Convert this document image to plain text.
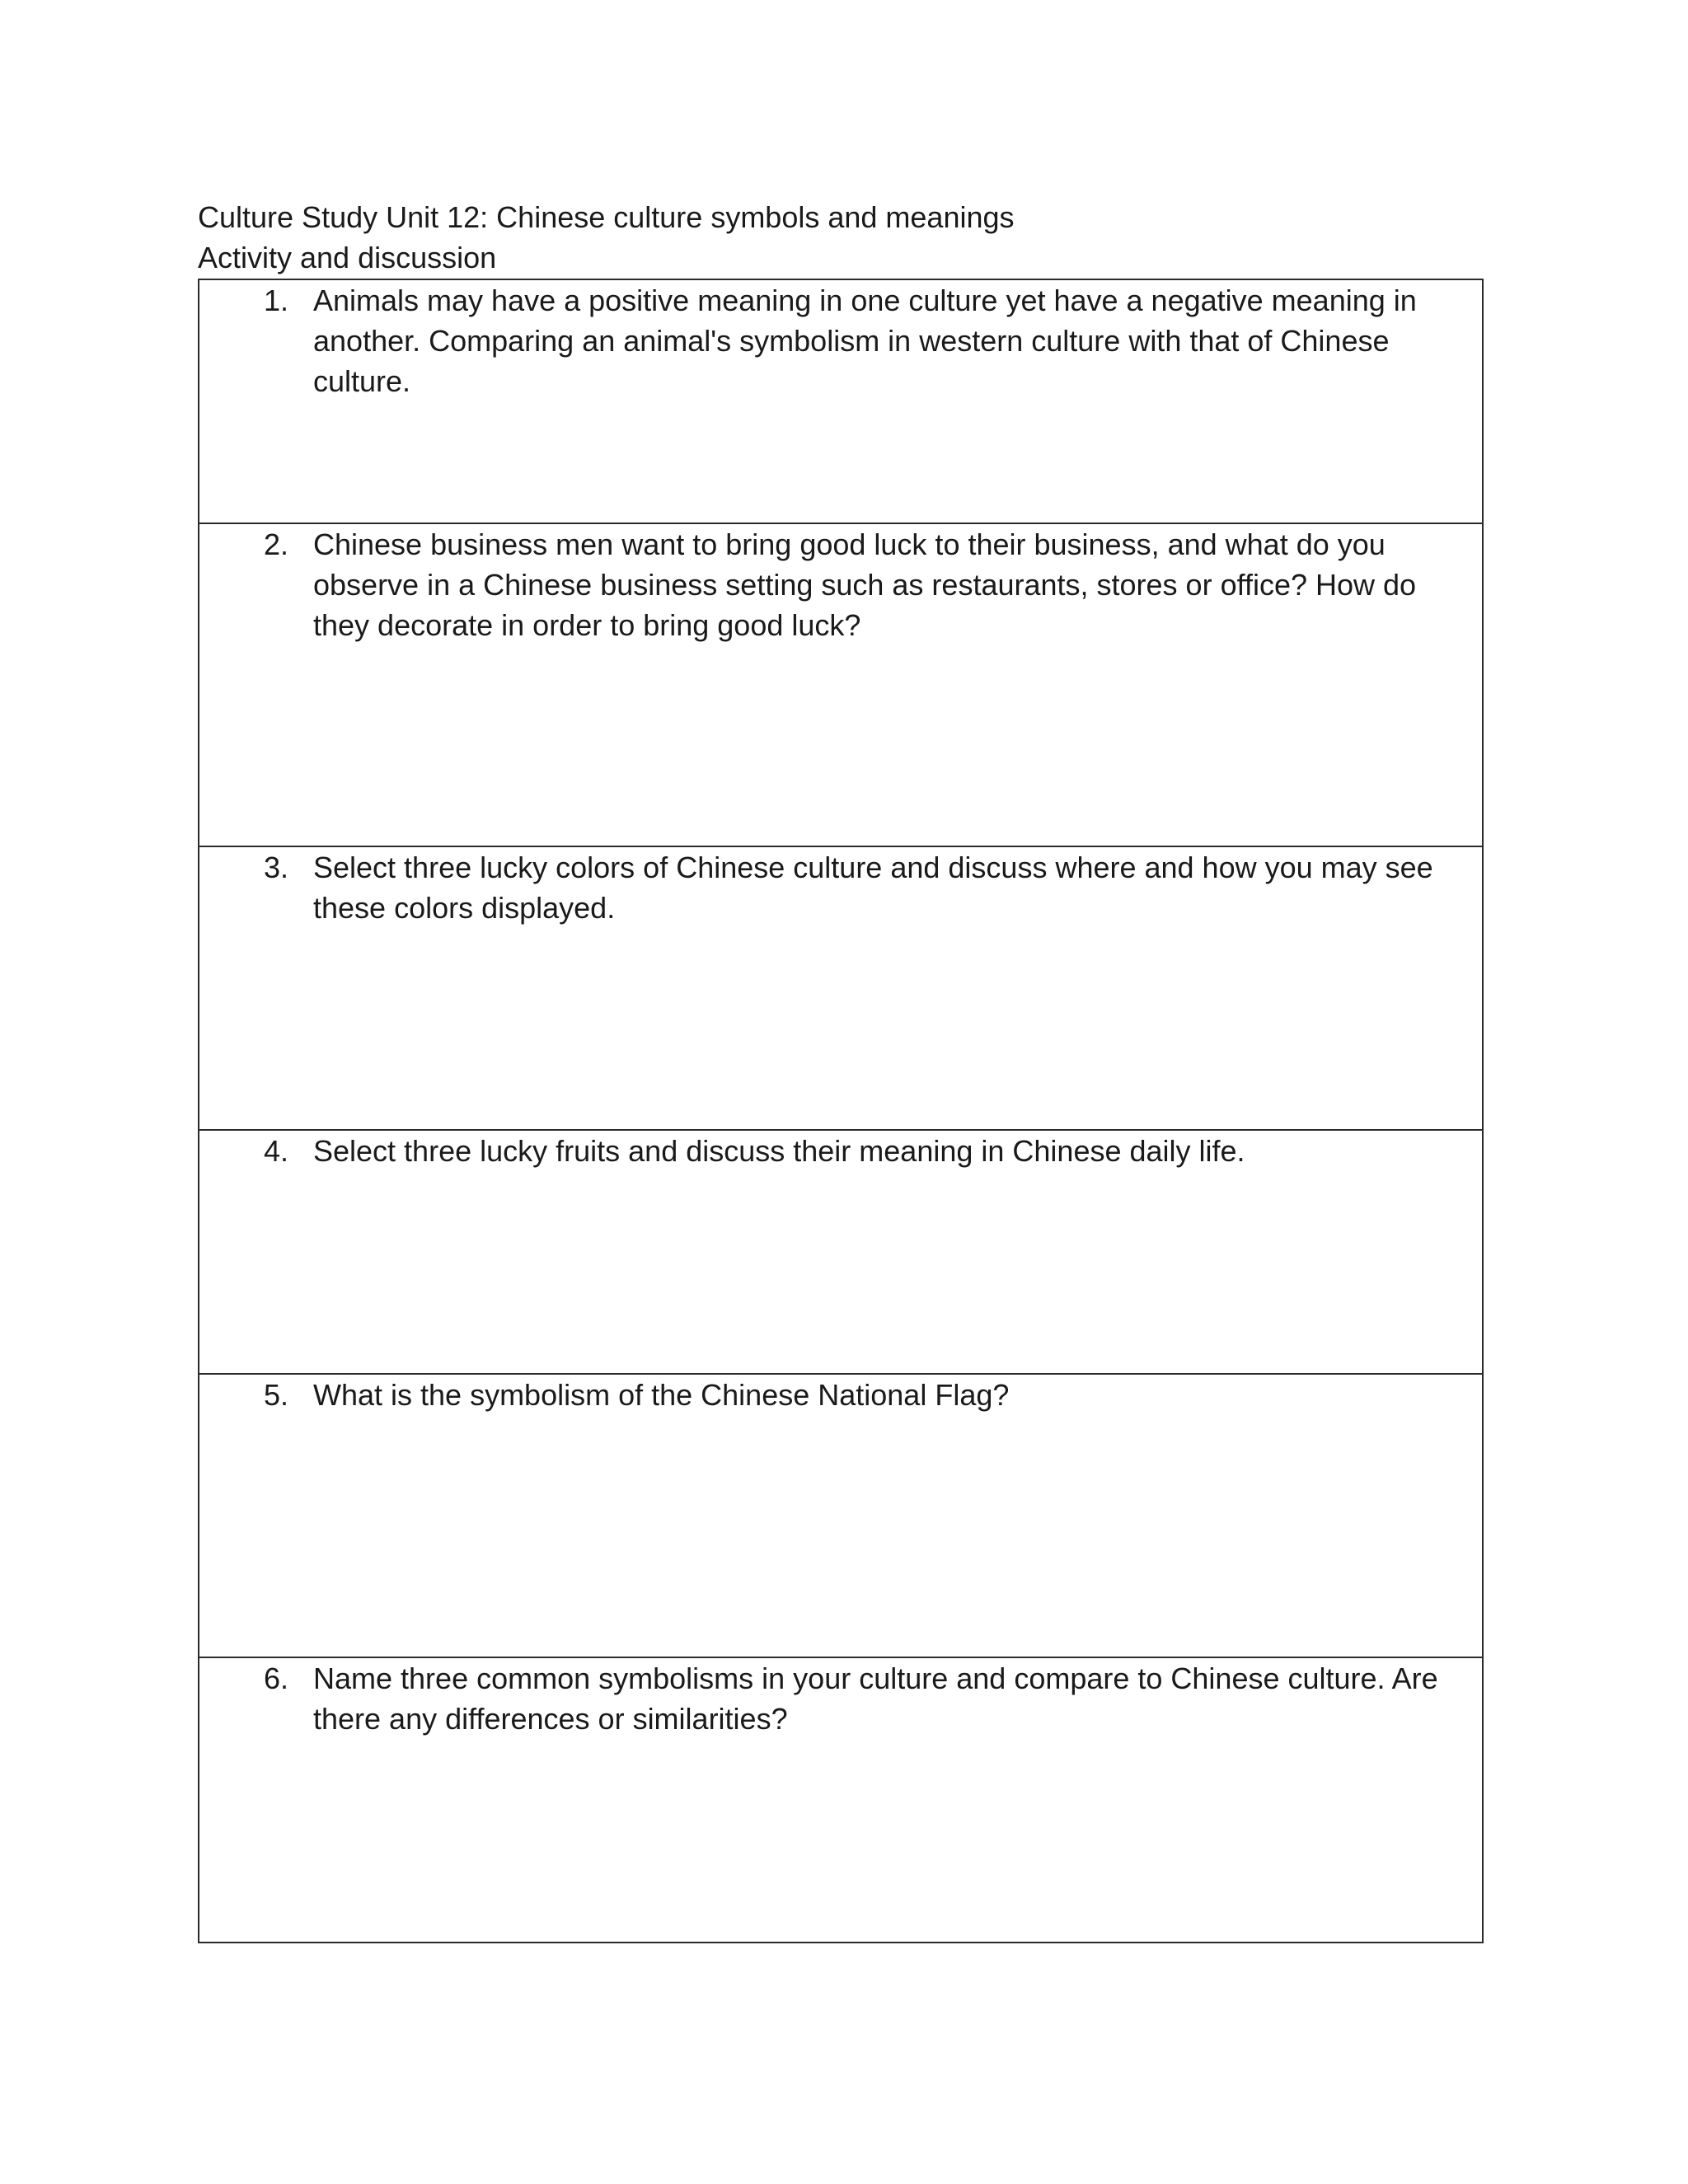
Culture Study Unit 12: Chinese culture symbols and meanings
Activity and discussion
1. Animals may have a positive meaning in one culture yet have a negative meaning in another. Comparing an animal's symbolism in western culture with that of Chinese culture.
2. Chinese business men want to bring good luck to their business, and what do you observe in a Chinese business setting such as restaurants, stores or office? How do they decorate in order to bring good luck?
3. Select three lucky colors of Chinese culture and discuss where and how you may see these colors displayed.
4. Select three lucky fruits and discuss their meaning in Chinese daily life.
5. What is the symbolism of the Chinese National Flag?
6. Name three common symbolisms in your culture and compare to Chinese culture. Are there any differences or similarities?
